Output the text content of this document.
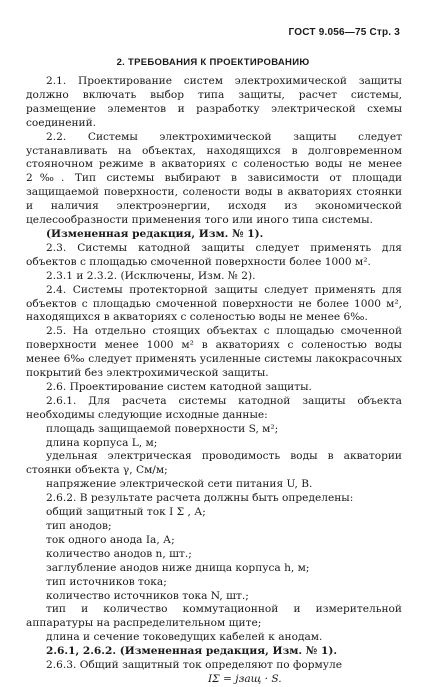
ГОСТ 9.056—75 Стр. 3
2. ТРЕБОВАНИЯ К ПРОЕКТИРОВАНИЮ

2.1. Проектирование систем электрохимической защиты должно включать выбор типа защиты, расчет системы, размещение элементов и разработку электрической схемы соединений.

2.2. Системы электрохимической защиты следует устанавливать на объектах, находящихся в долговременном стояночном режиме в акваториях с соленостью воды не менее 2‰. Тип системы выбирают в зависимости от площади защищаемой поверхности, солености воды в акваториях стоянки и наличия электроэнергии, исходя из экономической целесообразности применения того или иного типа системы.

(Измененная редакция, Изм. № 1).

2.3. Системы катодной защиты следует применять для объектов с площадью смоченной поверхности более 1000 м².

2.3.1 и 2.3.2. (Исключены, Изм. № 2).

2.4. Системы протекторной защиты следует применять для объектов с площадью смоченной поверхности не более 1000 м², находящихся в акваториях с соленостью воды не менее 6‰.

2.5. На отдельно стоящих объектах с площадью смоченной поверхности менее 1000 м² в акваториях с соленостью воды менее 6‰ следует применять усиленные системы лакокрасочных покрытий без электрохимической защиты.

2.6. Проектирование систем катодной защиты.

2.6.1. Для расчета системы катодной защиты объекта необходимы следующие исходные данные:

площадь защищаемой поверхности S, м²;

длина корпуса L, м;

удельная электрическая проводимость воды в акватории стоянки объекта γ, См/м;

напряжение электрической сети питания U, В.

2.6.2. В результате расчета должны быть определены:

общий защитный ток I Σ , А;

тип анодов;

ток одного анода Iа, А;

количество анодов n, шт.;

заглубление анодов ниже днища корпуса h, м;

тип источников тока;

количество источников тока N, шт.;

тип и количество коммутационной и измерительной аппаратуры на распределительном щите;

длина и сечение токоведущих кабелей к анодам.

2.6.1, 2.6.2. (Измененная редакция, Изм. № 1).

2.6.3. Общий защитный ток определяют по формуле

IΣ = jзащ · S.
